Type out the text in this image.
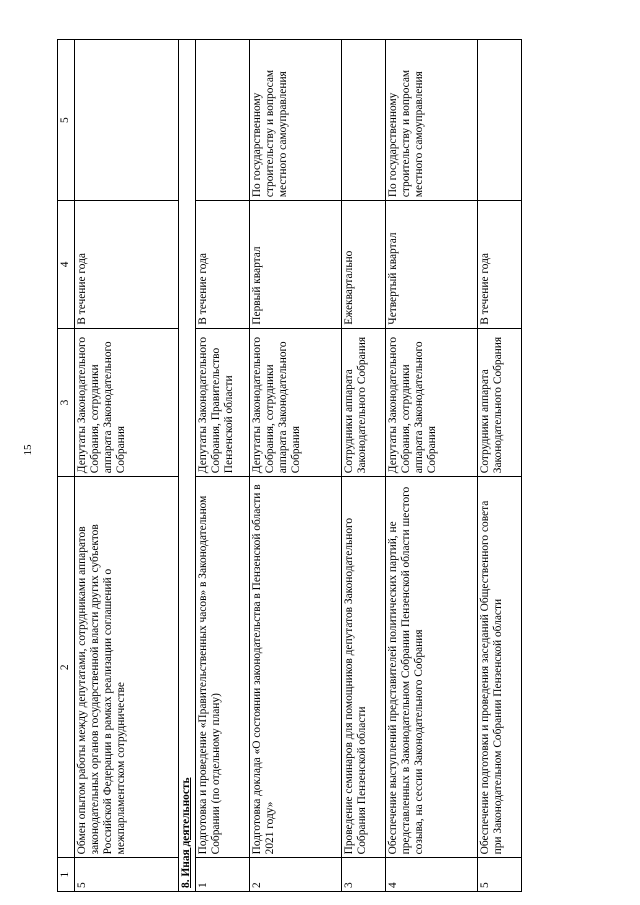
15
1	2	3	4	5
5	Обмен опытом работы между депутатами, сотрудниками аппаратов законодательных органов государственной власти других субъектов Российской Федерации в рамках реализации соглашений о межпарламентском сотрудничестве	Депутаты Законодательного Собрания, сотрудники аппарата Законодательного Собрания	В течение года	
8. Иная деятельность				
1	Подготовка и проведение «Правительственных часов» в Законодательном Собрании (по отдельному плану)	Депутаты Законодательного Собрания, Правительство Пензенской области	В течение года	
2	Подготовка доклада «О состоянии законодательства в Пензенской области в 2021 году»	Депутаты Законодательного Собрания, сотрудники аппарата Законодательного Собрания	Первый квартал	По государственному строительству и вопросам местного самоуправления
3	Проведение семинаров для помощников депутатов Законодательного Собрания Пензенской области	Сотрудники аппарата Законодательного Собрания	Ежеквартально	
4	Обеспечение выступлений представителей политических партий, не представленных в Законодательном Собрании Пензенской области шестого созыва, на сессии Законодательного Собрания	Депутаты Законодательного Собрания, сотрудники аппарата Законодательного Собрания	Четвертый квартал	По государственному строительству и вопросам местного самоуправления
5	Обеспечение подготовки и проведения заседаний Общественного совета при Законодательном Собрании Пензенской области	Сотрудники аппарата Законодательного Собрания	В течение года	
